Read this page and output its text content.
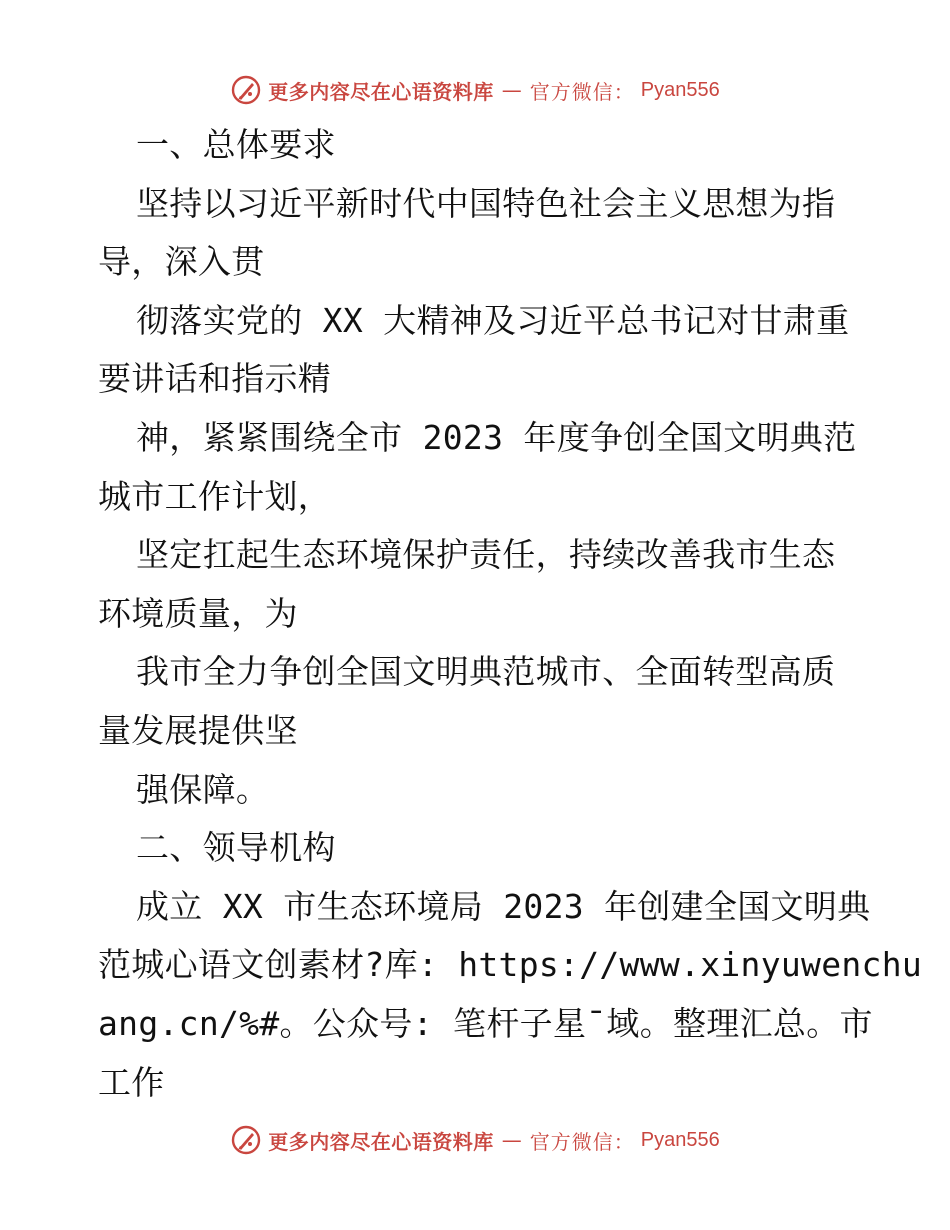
更多内容尽在心语资料库 — 官方微信： Pyan556
一、总体要求
坚持以习近平新时代中国特色社会主义思想为指
导，深入贯
彻落实党的 XX 大精神及习近平总书记对甘肃重
要讲话和指示精
神，紧紧围绕全市 2023 年度争创全国文明典范
城市工作计划，
坚定扛起生态环境保护责任，持续改善我市生态
环境质量，为
我市全力争创全国文明典范城市、全面转型高质
量发展提供坚
强保障。
二、领导机构
成立 XX 市生态环境局 2023 年创建全国文明典
范城心语文创素材?库: https://www.xinyuwenchu
ang.cn/%#。公众号: 笔杆子星¯域。整理汇总。市
工作
更多内容尽在心语资料库 — 官方微信： Pyan556
